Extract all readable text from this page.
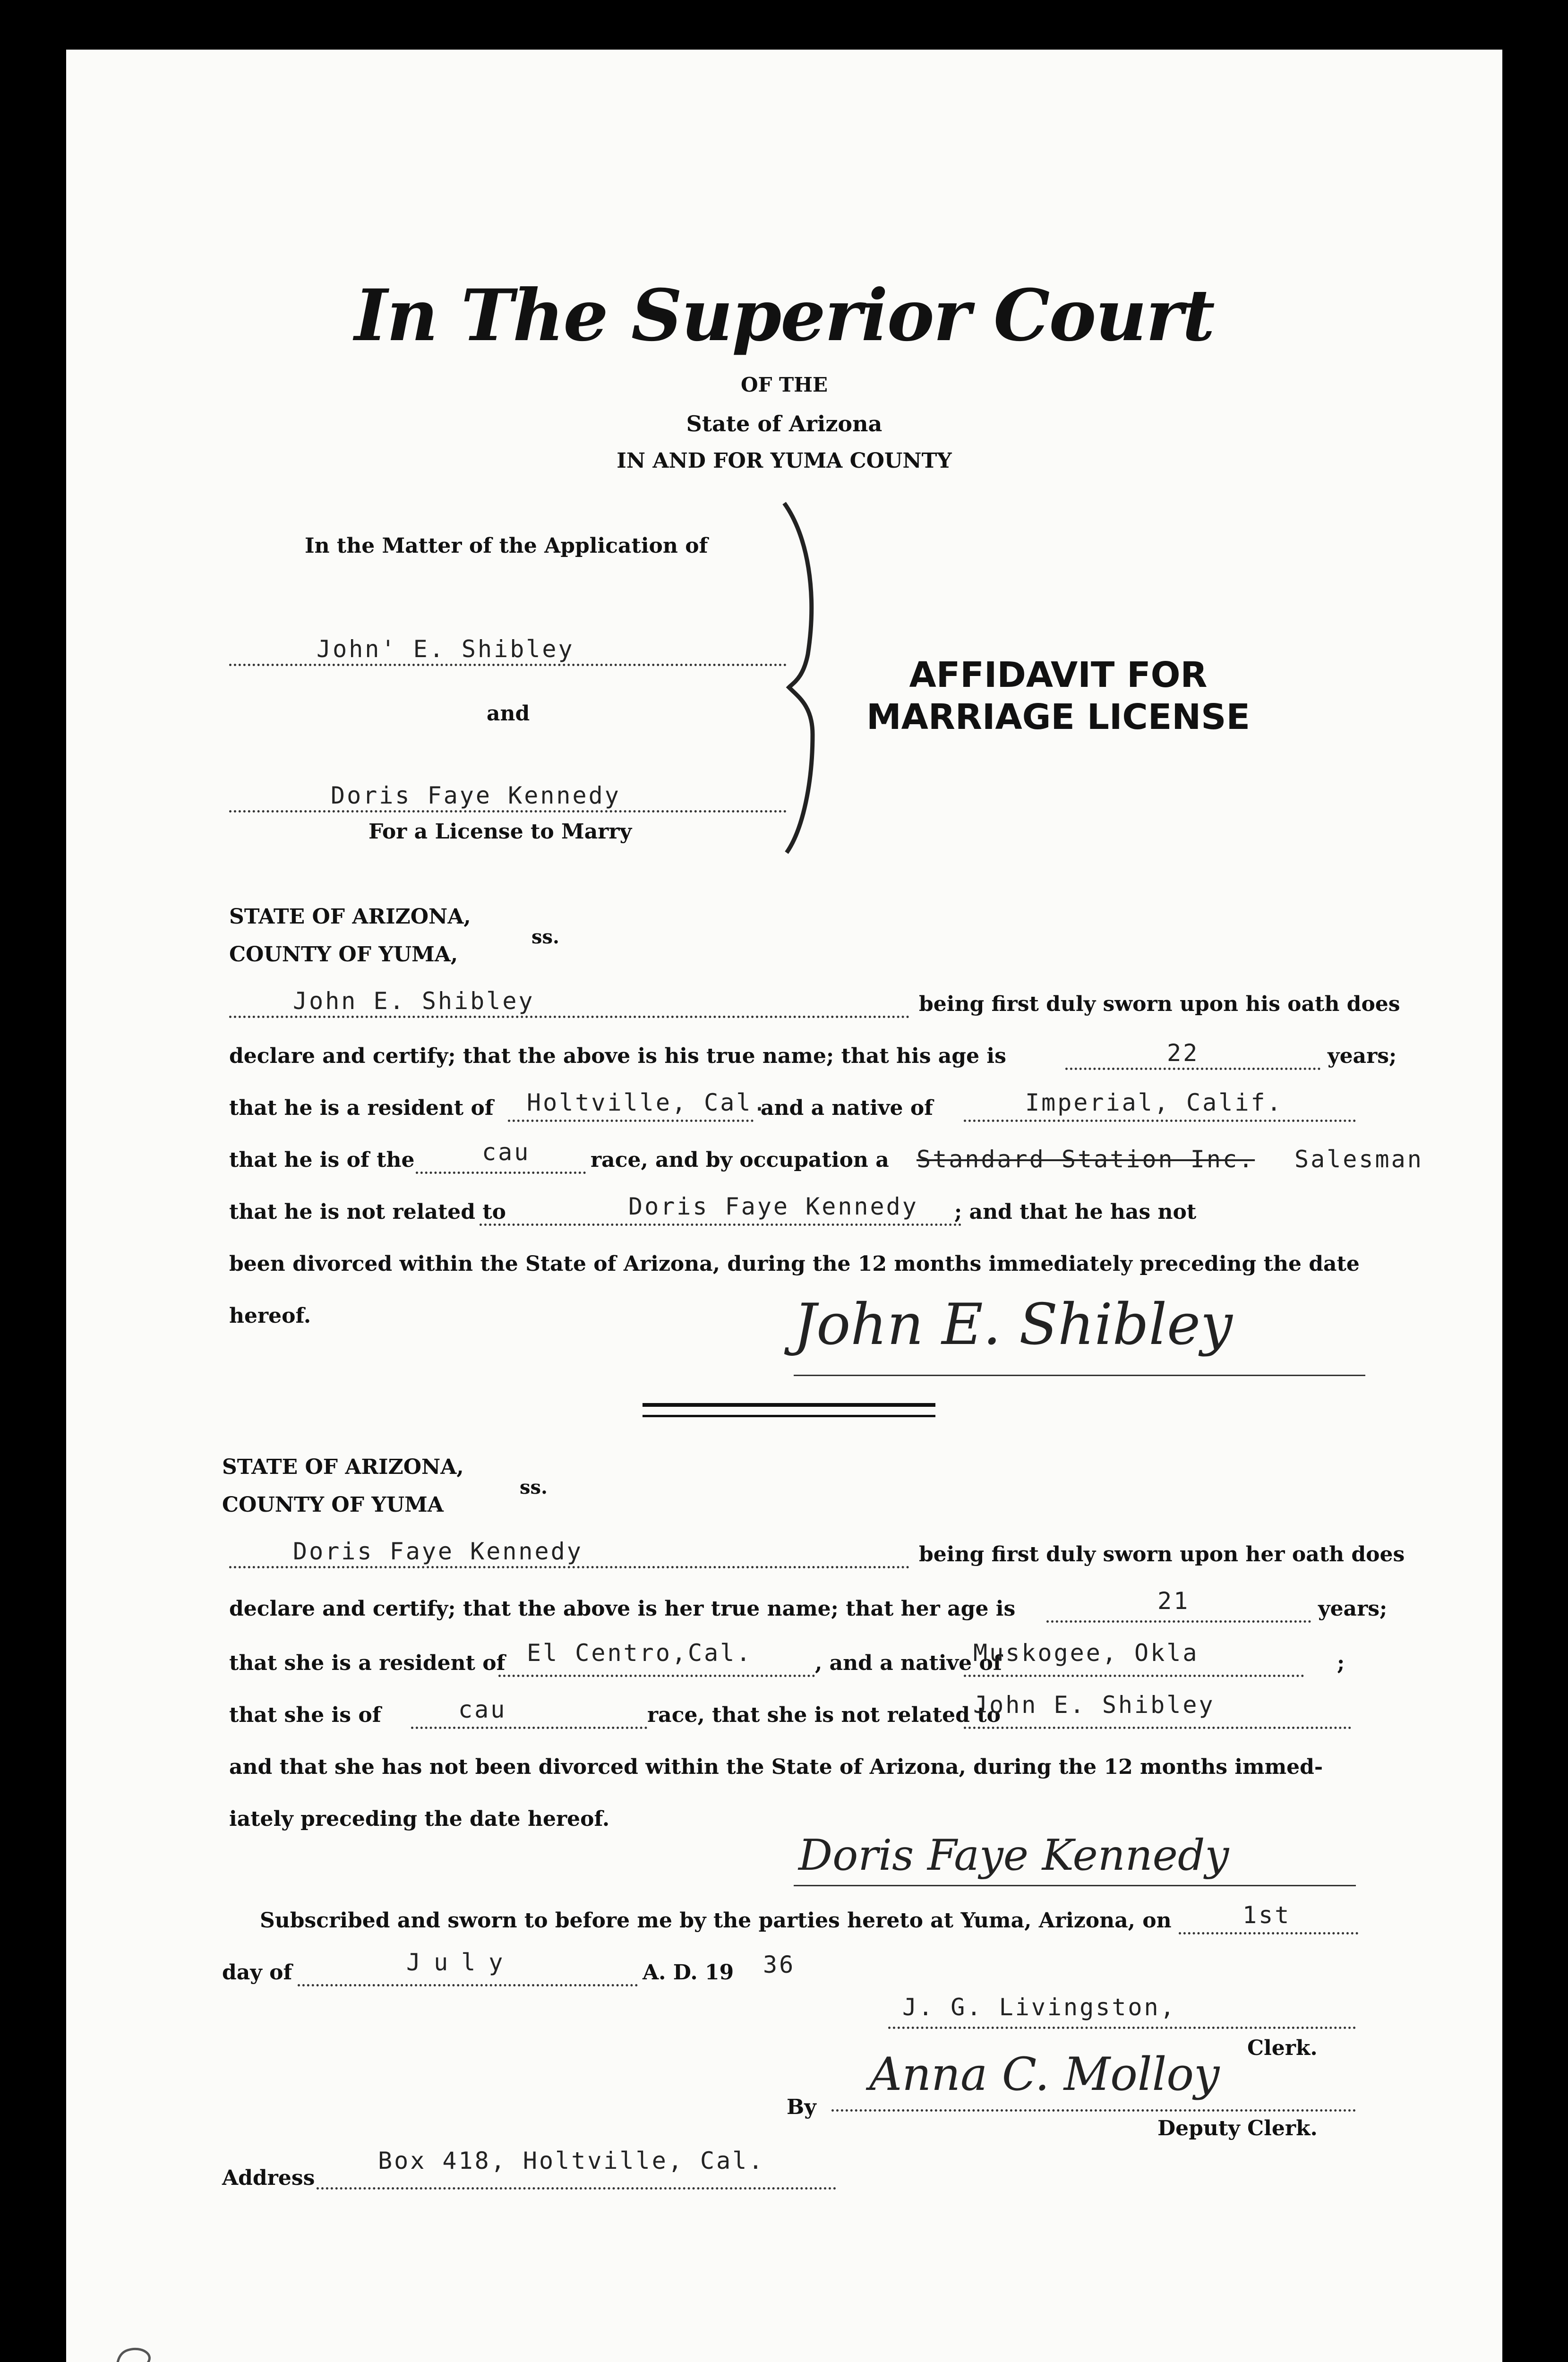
In The Superior Court
OF THE
State of Arizona
IN AND FOR YUMA COUNTY
In the Matter of the Application of
John' E. Shibley
and
Doris Faye Kennedy
For a License to Marry
AFFIDAVIT FOR
MARRIAGE LICENSE
STATE OF ARIZONA,
COUNTY OF YUMA,
ss.
John E. Shibley	being first duly sworn upon his oath does
declare and certify; that the above is his true name; that his age is	22	years;
that he is a resident of Holtville, Cal.
and a native of	Imperial, Calif.
that he is of the	cau	race, and by occupation a Standard Station Inc. Salesman
that he is not related to	Doris Faye Kennedy ; and that he has not
been divorced within the State of Arizona, during the 12 months immediately preceding the date
hereof.	John E. Shibley
STATE OF ARIZONA,
COUNTY OF YUMA
ss.
Doris Faye Kennedy	being first duly sworn upon her oath does
declare and certify; that the above is her true name; that her age is	21	years;
that she is a resident of El Centro,Cal.	, and a native of
Muskogee, Okla	;
that she is of	cau	race, that she is not related to
John E. Shibley
and that she has not been divorced within the State of Arizona, during the 12 months immed-
iately preceding the date hereof.
Doris Faye Kennedy
Subscribed and sworn to before me by the parties hereto at Yuma, Arizona, on	1st
day of	July	A. D. 19 36
J. G. Livingston,
Clerk.
By
Anna C. Molloy
Deputy Clerk.
Address
Box 418, Holtville, Cal.
